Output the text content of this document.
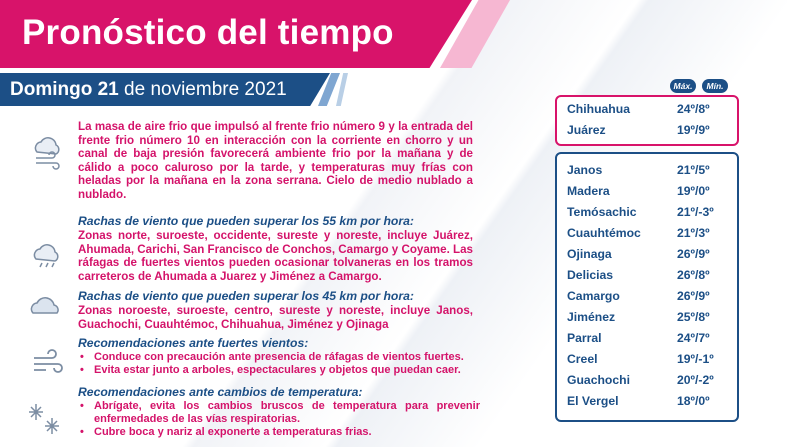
Pronóstico del tiempo
Domingo 21 de noviembre 2021

La masa de aire frio que impulsó al frente frio número 9 y la entrada del frente frio número 10 en interacción con la corriente en chorro y un canal de baja presión favorecerá ambiente frio por la mañana y de cálido a poco caluroso por la tarde, y temperaturas muy frías con heladas por la mañana en la zona serrana. Cielo de medio nublado a nublado.

Rachas de viento que pueden superar los 55 km por hora:

Zonas norte, suroeste, occidente, sureste y noreste, incluye Juárez, Ahumada, Carichi, San Francisco de Conchos, Camargo y Coyame. Las ráfagas de fuertes vientos pueden ocasionar tolvaneras en los tramos carreteros de Ahumada a Juarez y Jiménez a Camargo.

Rachas de viento que pueden superar los 45 km por hora:

Zonas noroeste, suroeste, centro, sureste y noreste, incluye Janos, Guachochi, Cuauhtémoc, Chihuahua, Jiménez y Ojinaga

Recomendaciones ante fuertes vientos:
• Conduce con precaución ante presencia de ráfagas de vientos fuertes.
• Evita estar junto a arboles, espectaculares y objetos que puedan caer.
Recomendaciones ante cambios de temperatura:
• Abrígate, evita los cambios bruscos de temperatura para prevenir enfermedades de las vías respiratorias.
• Cubre boca y nariz al exponerte a temperaturas frias.
Máx.	Mín.
Chihuahua	24º/8º
Juárez	19º/9º
Janos	21º/5º
Madera	19º/0º
Temósachic	21º/-3º
Cuauhtémoc	21º/3º
Ojinaga	26º/9º
Delicias	26º/8º
Camargo	26º/9º
Jiménez	25º/8º
Parral	24º/7º
Creel	19º/-1º
Guachochi	20º/-2º
El Vergel	18º/0º
